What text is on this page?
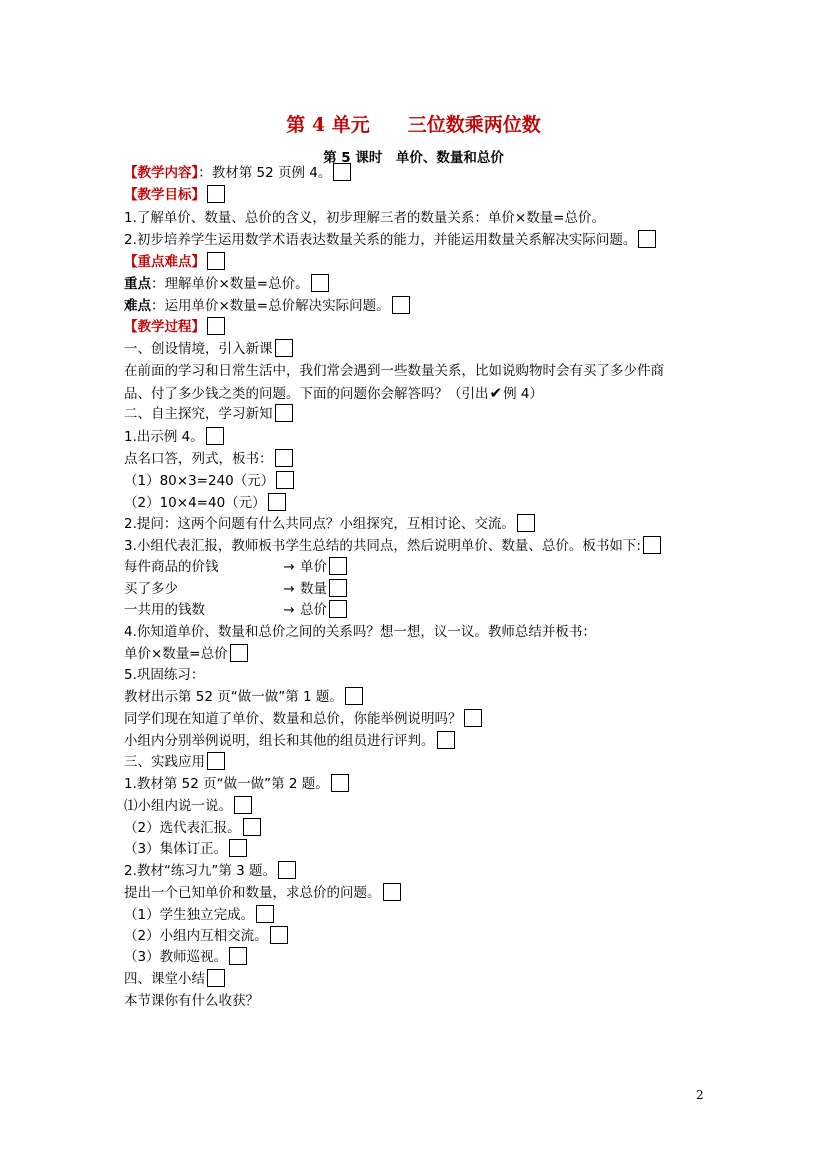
第 4 单元　　三位数乘两位数
第 5 课时　单价、数量和总价
【教学内容】：教材第 52 页例 4。
【教学目标】
1.了解单价、数量、总价的含义，初步理解三者的数量关系：单价×数量=总价。
2.初步培养学生运用数学术语表达数量关系的能力，并能运用数量关系解决实际问题。
【重点难点】
重点：理解单价×数量=总价。
难点：运用单价×数量=总价解决实际问题。
【教学过程】
一、创设情境，引入新课
在前面的学习和日常生活中，我们常会遇到一些数量关系，比如说购物时会有买了多少件商
品、付了多少钱之类的问题。下面的问题你会解答吗？（引出✔例 4）
二、自主探究，学习新知
1.出示例 4。
点名口答，列式，板书：
（1）80×3=240（元）
（2）10×4=40（元）
2.提问：这两个问题有什么共同点？小组探究，互相讨论、交流。
3.小组代表汇报，教师板书学生总结的共同点，然后说明单价、数量、总价。板书如下:
每件商品的价钱	→ 单价
买了多少	→ 数量
一共用的钱数	→ 总价
4.你知道单价、数量和总价之间的关系吗？想一想，议一议。教师总结并板书：
单价×数量=总价
5.巩固练习：
教材出示第 52 页“做一做”第 1 题。
同学们现在知道了单价、数量和总价，你能举例说明吗？
小组内分别举例说明，组长和其他的组员进行评判。
三、实践应用
1.教材第 52 页“做一做”第 2 题。
⑴小组内说一说。
（2）选代表汇报。
（3）集体订正。
2.教材“练习九”第 3 题。
提出一个已知单价和数量，求总价的问题。
（1）学生独立完成。
（2）小组内互相交流。
（3）教师巡视。
四、课堂小结
本节课你有什么收获？
2
